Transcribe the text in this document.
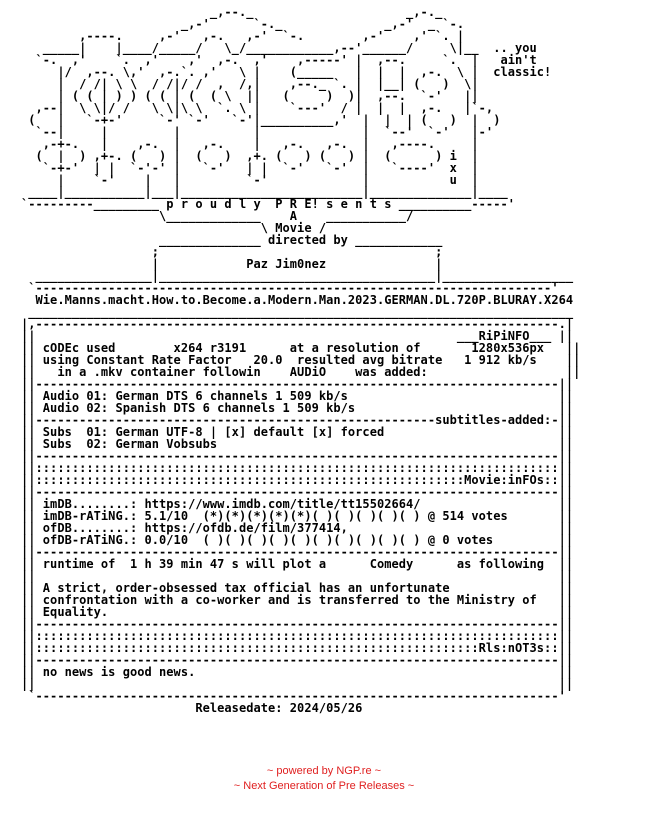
_,--._                     _,-._
_,-'      `-._              _,-'  _ `-.
,----.     ,-'   ,-.   ,-'  `-.        ,-'    ,' `. |
_____|    |____/_____/   \_/____________,--'______/     \|__  .. you
`-.  ,'    `.  ,'    ,'  ,-.  ,'    ,-----' |  ,--.     `.  |   ain't
|/  ,--. \,'  ,-.`. ,'   \ |    (_____   |  |  |  ,-.  \ |  classic!
|  / /| \ \  / /|/ /  ,  /,|    ,--._ `. |  |__| (   )  \|
| ( ( | ) ) ( ( | (  ( \  ||   (     )  )|  ,--.  `-'   ||
,--|  \ \|/ /   \ \|\ \  `. \ |    `---'  / |  |  |  ,-.   |`-,
(   |   `-+-'     `-' `-'   `-'|__________,'  |  |  | (   )  |  )
`--|     |         |          |              |  `--'  `-'   |-'
,-+-.   |    ,-.  |   ,-.    |   ,-.   ,-.  |   ,----.     |
(  |  ) ,+-. (   ) |  (   )  ,+. (   ) (   ) |  (      ) i  |
`-+-'  | |  `-'-' |   `-'   | |  `-'   `-'  |   `----'  x  |
|    `-'    |   |         `-'             |           u  |
____|___________|___|_________________________|______________|____
`---------_________ p r o u d l y  P R E! s e n t s __________-----'
\_____________    A    ___________/
\ Movie /
______________ directed by ____________
;                                      ;
|            Paz Jim0nez               |
________________|______________________________________|__________________
`-----------------------------------------------------------------------'
Wie.Manns.macht.How.to.Become.a.Modern.Man.2023.GERMAN.DL.720P.BLURAY.X264
___________________________________________________________________________
|,------------------------------------------------------------------------.|
||                                                          ___RiPiNFO___ ||
|| cODEc used        x264 r3191      at a resolution of       1280x536px   ||
|| using Constant Rate Factor   20.0  resulted avg bitrate   1 912 kb/s    ||
||   in a .mkv container followin    AUDiO    was added:                   ||
||------------------------------------------------------------------------||
|| Audio 01: German DTS 6 channels 1 509 kb/s                             ||
|| Audio 02: Spanish DTS 6 channels 1 509 kb/s                            ||
||-------------------------------------------------------subtitles-added:-||
|| Subs  01: German UTF-8 | [x] default [x] forced                        ||
|| Subs  02: German Vobsubs                                               ||
||------------------------------------------------------------------------||
||::::::::::::::::::::::::::::::::::::::::::::::::::::::::::::::::::::::::||
||:::::::::::::::::::::::::::::::::::::::::::::::::::::::::::Movie:inFOs::||
||------------------------------------------------------------------------||
|| imDB........: https://www.imdb.com/title/tt15502664/                   ||
|| imDB-rATiNG.: 5.1/10  (*)(*)(*)(*)(*)( )( )( )( )( ) @ 514 votes       ||
|| ofDB........: https://ofdb.de/film/377414,                             ||
|| ofDB-rATiNG.: 0.0/10  ( )( )( )( )( )( )( )( )( )( ) @ 0 votes         ||
||------------------------------------------------------------------------||
|| runtime of  1 h 39 min 47 s will plot a      Comedy      as following  ||
||                                                                        ||
|| A strict, order-obsessed tax official has an unfortunate               ||
|| confrontation with a co-worker and is transferred to the Ministry of   ||
|| Equality.                                                              ||
||------------------------------------------------------------------------||
||::::::::::::::::::::::::::::::::::::::::::::::::::::::::::::::::::::::::||
||:::::::::::::::::::::::::::::::::::::::::::::::::::::::::::::Rls:nOT3s::||
||------------------------------------------------------------------------||
|| no news is good news.                                                  ||
||                                                                        ||
`------------------------------------------------------------------------'
Releasedate: 2024/05/26
~ powered by NGP.re ~
~ Next Generation of Pre Releases ~
